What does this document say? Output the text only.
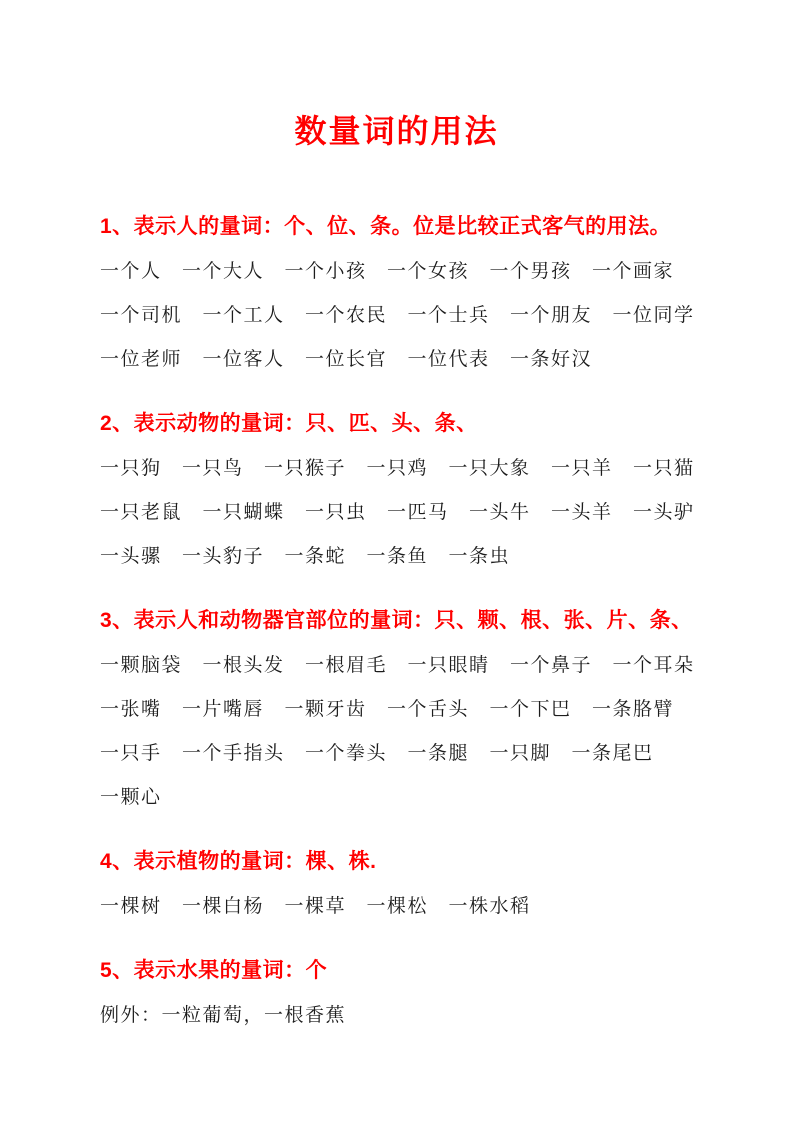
数量词的用法
1、表示人的量词：个、位、条。位是比较正式客气的用法。

一个人　一个大人　一个小孩　一个女孩　一个男孩　一个画家

一个司机　一个工人　一个农民　一个士兵　一个朋友　一位同学

一位老师　一位客人　一位长官　一位代表　一条好汉

2、表示动物的量词：只、匹、头、条、

一只狗　一只鸟　一只猴子　一只鸡　一只大象　一只羊　一只猫

一只老鼠　一只蝴蝶　一只虫　一匹马　一头牛　一头羊　一头驴

一头骡　一头豹子　一条蛇　一条鱼　一条虫

3、表示人和动物器官部位的量词：只、颗、根、张、片、条、

一颗脑袋　一根头发　一根眉毛　一只眼睛　一个鼻子　一个耳朵

一张嘴　一片嘴唇　一颗牙齿　一个舌头　一个下巴　一条胳臂

一只手　一个手指头　一个拳头　一条腿　一只脚　一条尾巴

一颗心

4、表示植物的量词：棵、株.

一棵树　一棵白杨　一棵草　一棵松　一株水稻

5、表示水果的量词：个

例外：一粒葡萄，一根香蕉
